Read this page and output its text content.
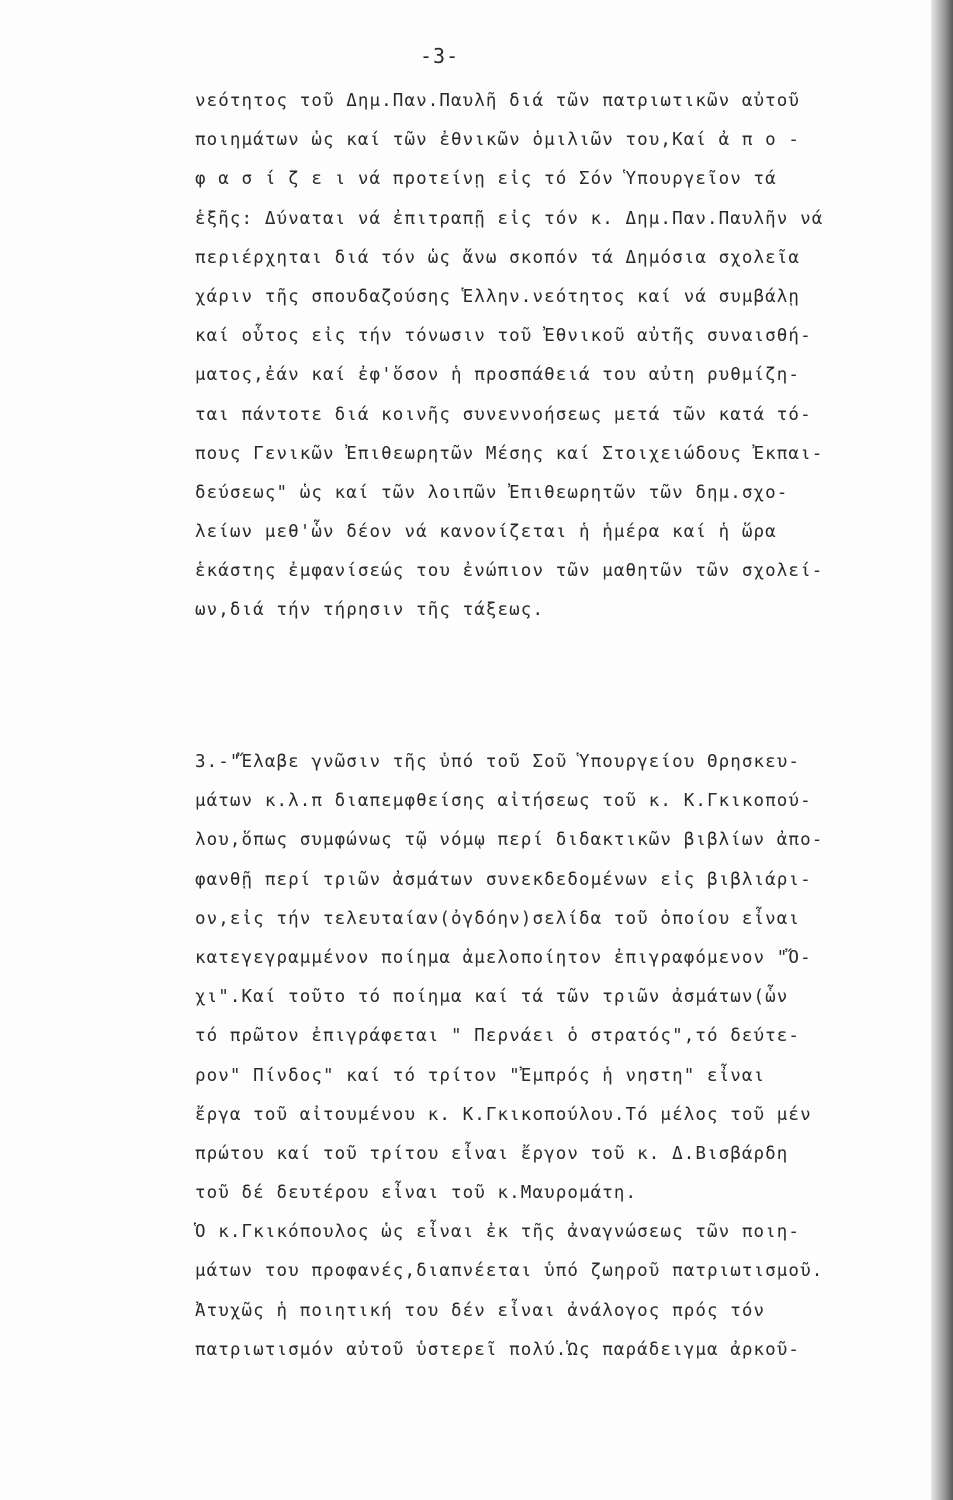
-3-
νεότητος τοῦ Δημ.Παν.Παυλῆ διά τῶν πατριωτικῶν αὐτοῦ
ποιημάτων ὡς καί τῶν ἐθνικῶν ὁμιλιῶν του,Καί ἀ π ο -
φ α σ ί ζ ε ι νά προτείνῃ εἰς τό Σόν Ὑπουργεῖον τά
ἑξῆς: Δύναται νά ἐπιτραπῇ εἰς τόν κ. Δημ.Παν.Παυλῆν νά
περιέρχηται διά τόν ὡς ἄνω σκοπόν τά Δημόσια σχολεῖα
χάριν τῆς σπουδαζούσης Ἑλλην.νεότητος καί νά συμβάλῃ
καί οὗτος εἰς τήν τόνωσιν τοῦ Ἐθνικοῦ αὐτῆς συναισθή-
ματος,ἐάν καί ἐφ'ὅσον ἡ προσπάθειά του αὐτη ρυθμίζη-
ται πάντοτε διά κοινῆς συνεννοήσεως μετά τῶν κατά τό-
πους Γενικῶν Ἐπιθεωρητῶν Μέσης καί Στοιχειώδους Ἐκπαι-
δεύσεως" ὡς καί τῶν λοιπῶν Ἐπιθεωρητῶν τῶν δημ.σχο-
λείων μεθ'ὧν δέον νά κανονίζεται ἡ ἡμέρα καί ἡ ὥρα
ἑκάστης ἐμφανίσεώς του ἐνώπιον τῶν μαθητῶν τῶν σχολεί-
ων,διά τήν τήρησιν τῆς τάξεως.
3.-"Ἔλαβε γνῶσιν τῆς ὑπό τοῦ Σοῦ Ὑπουργείου Θρησκευ-
μάτων κ.λ.π διαπεμφθείσης αἰτήσεως τοῦ κ. Κ.Γκικοπού-
λου,ὅπως συμφώνως τῷ νόμῳ περί διδακτικῶν βιβλίων ἀπο-
φανθῇ περί τριῶν ἀσμάτων συνεκδεδομένων εἰς βιβλιάρι-
ον,εἰς τήν τελευταίαν(ὀγδόην)σελίδα τοῦ ὁποίου εἶναι
κατεγεγραμμένον ποίημα ἀμελοποίητον ἐπιγραφόμενον "Ὄ-
χι".Καί τοῦτο τό ποίημα καί τά τῶν τριῶν ἀσμάτων(ὧν
τό πρῶτον ἐπιγράφεται " Περνάει ὁ στρατός",τό δεύτε-
ρον" Πίνδος" καί τό τρίτον "Ἐμπρός ἡ νηστη" εἶναι
ἔργα τοῦ αἰτουμένου κ. Κ.Γκικοπούλου.Τό μέλος τοῦ μέν
πρώτου καί τοῦ τρίτου εἶναι ἔργον τοῦ κ. Δ.Βισβάρδη
τοῦ δέ δευτέρου εἶναι τοῦ κ.Μαυρομάτη.
Ὁ κ.Γκικόπουλος ὡς εἶναι ἐκ τῆς ἀναγνώσεως τῶν ποιη-
μάτων του προφανές,διαπνέεται ὑπό ζωηροῦ πατριωτισμοῦ.
Ἀτυχῶς ἡ ποιητική του δέν εἶναι ἀνάλογος πρός τόν
πατριωτισμόν αὐτοῦ ὑστερεῖ πολύ.Ὡς παράδειγμα ἀρκοῦ-
